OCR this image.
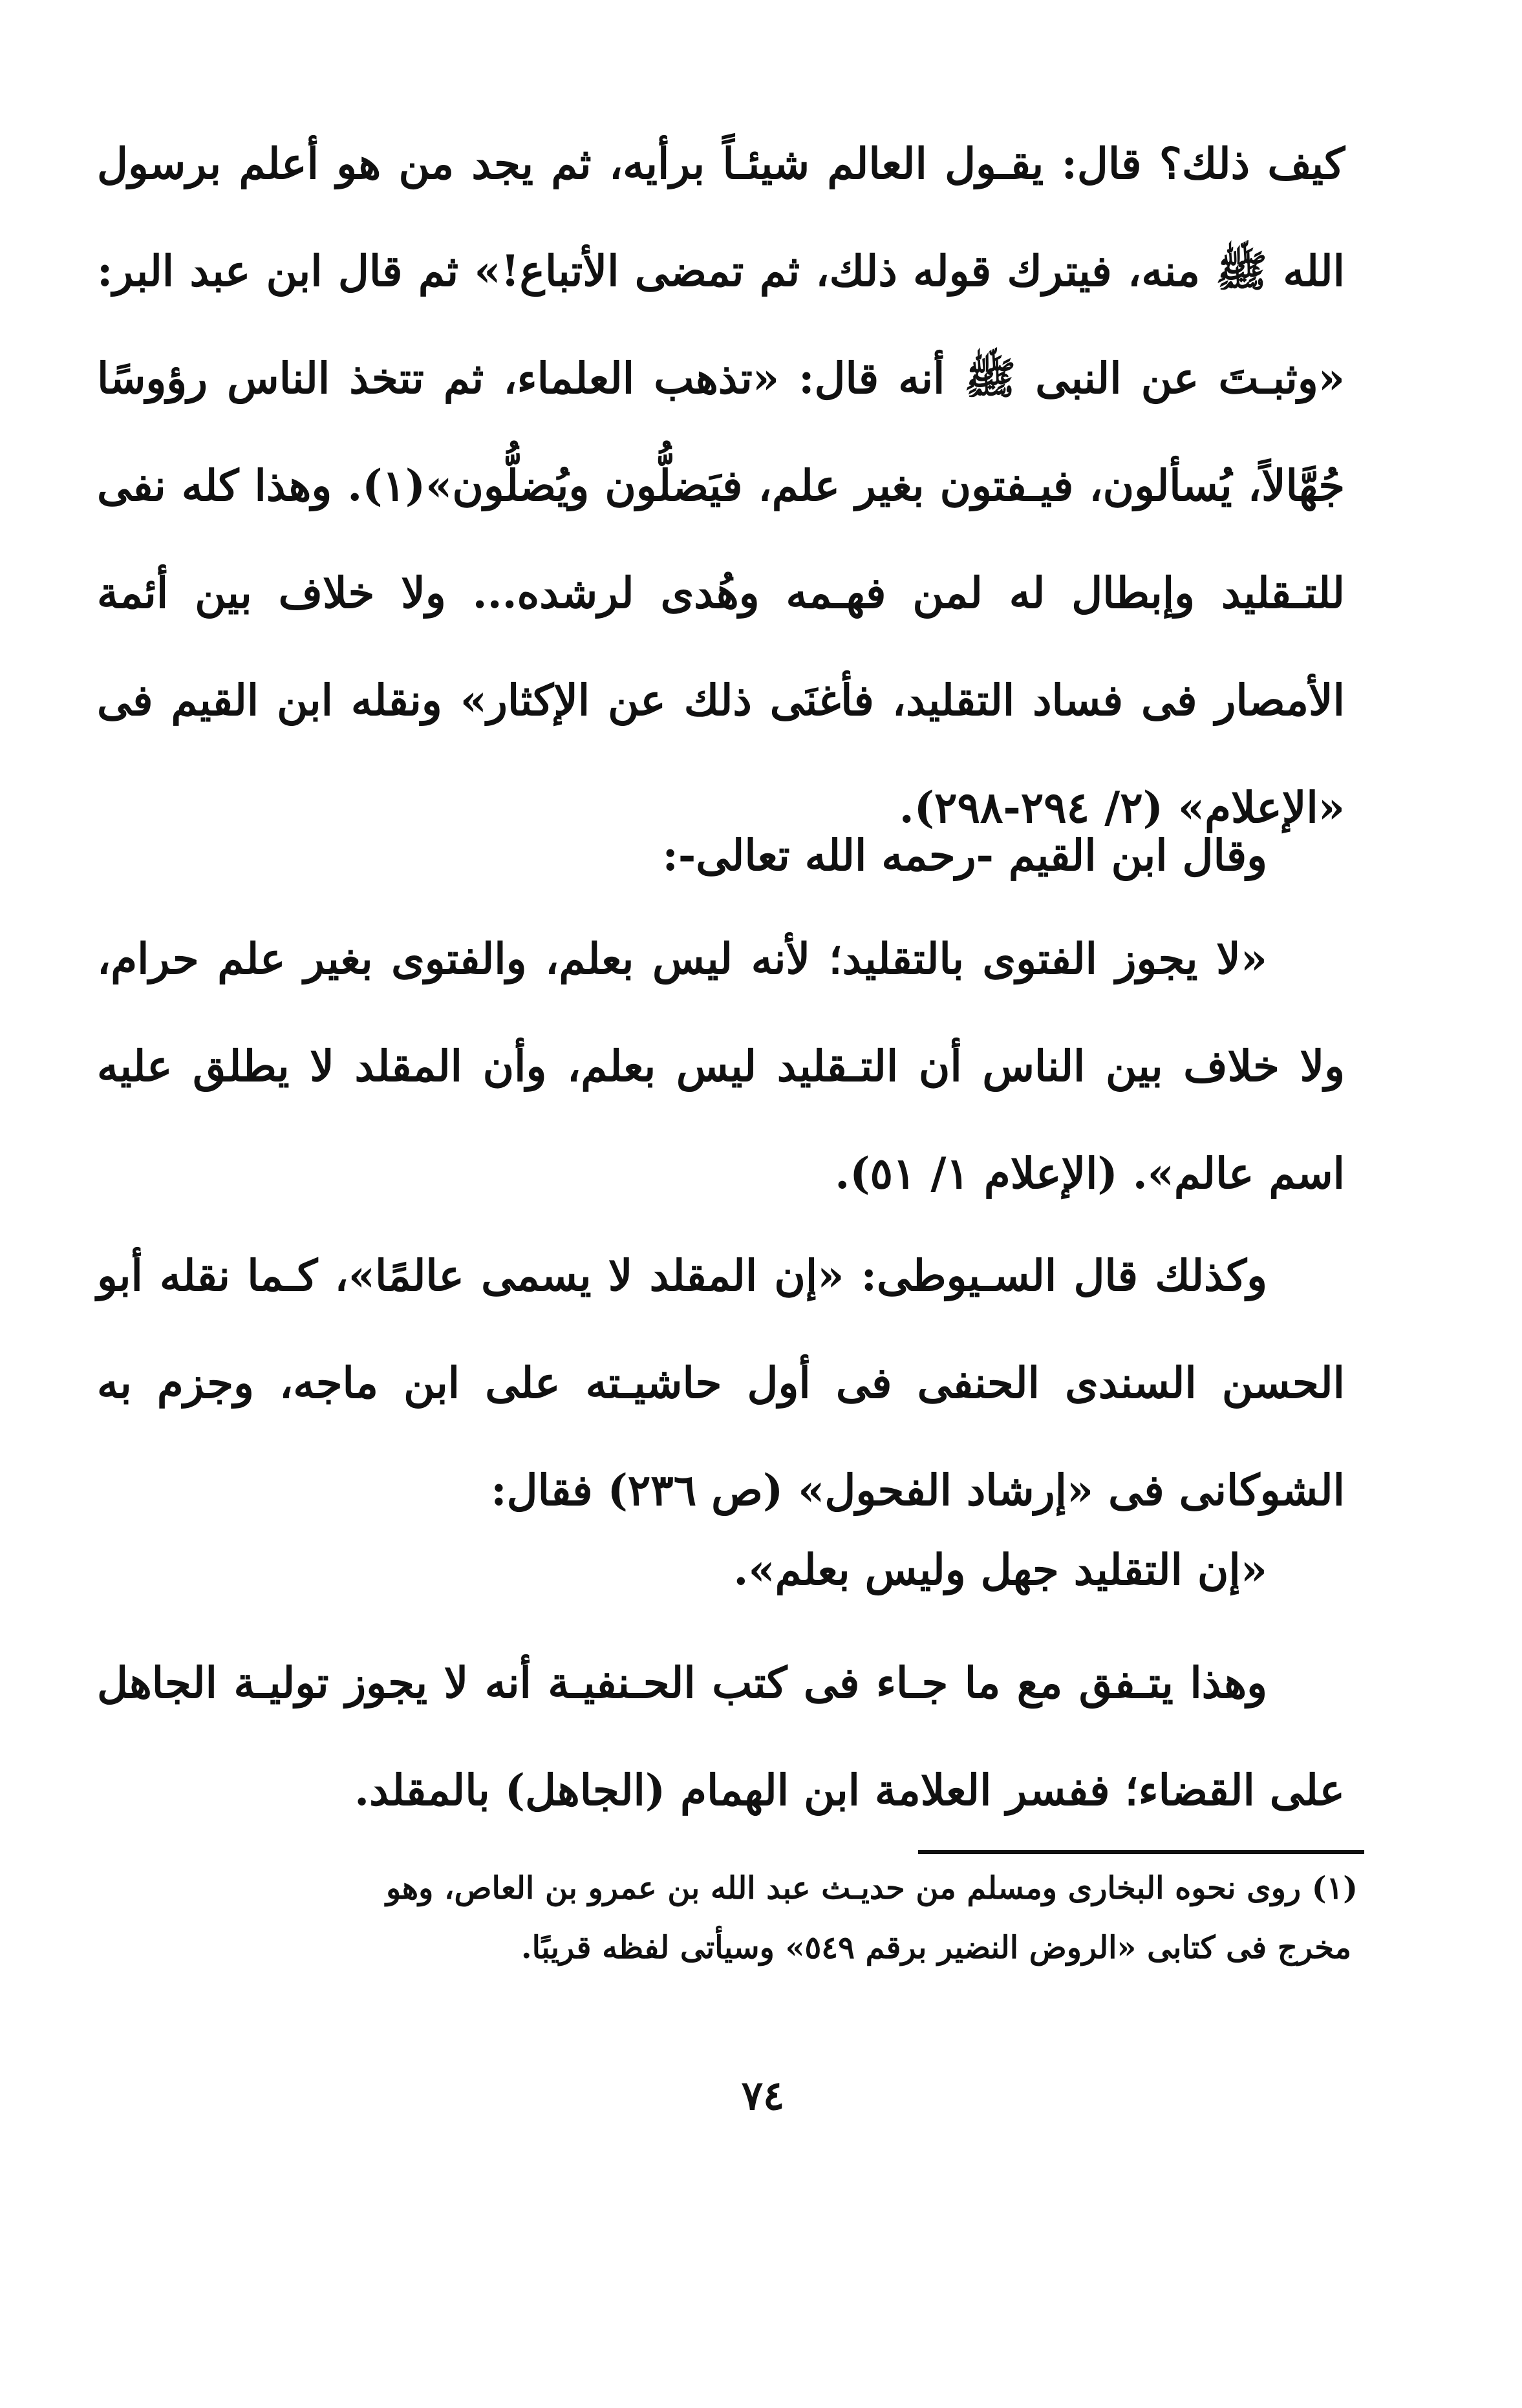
كيف ذلك؟ قال: يقـول العالم شيئـاً برأيه، ثم يجد من هو أعلم برسول الله ﷺ منه، فيترك قوله ذلك، ثم تمضى الأتباع!» ثم قال ابن عبد البر: «وثبـتَ عن النبى ﷺ أنه قال: «تذهب العلماء، ثم تتخذ الناس رؤوسًا جُهَّالاً، يُسألون، فيـفتون بغير علم، فيَضلُّون ويُضلُّون»(١). وهذا كله نفى للتـقليد وإبطال له لمن فهـمه وهُدى لرشده... ولا خلاف بين أئمة الأمصار فى فساد التقليد، فأغنَى ذلك عن الإكثار» ونقله ابن القيم فى «الإعلام» (٢/ ٢٩٤-٢٩٨).

وقال ابن القيم -رحمه الله تعالى-:

«لا يجوز الفتوى بالتقليد؛ لأنه ليس بعلم، والفتوى بغير علم حرام، ولا خلاف بين الناس أن التـقليد ليس بعلم، وأن المقلد لا يطلق عليه اسم عالم». (الإعلام ١/ ٥١).

وكذلك قال السـيوطى: «إن المقلد لا يسمى عالمًا»، كـما نقله أبو الحسن السندى الحنفى فى أول حاشيـته على ابن ماجه، وجزم به الشوكانى فى «إرشاد الفحول» (ص ٢٣٦) فقال:

«إن التقليد جهل وليس بعلم».

وهذا يتـفق مع ما جـاء فى كتب الحـنفيـة أنه لا يجوز توليـة الجاهل على القضاء؛ ففسر العلامة ابن الهمام (الجاهل) بالمقلد.

(١) روى نحوه البخارى ومسلم من حديـث عبد الله بن عمرو بن العاص، وهو

مخرج فى كتابى «الروض النضير برقم ٥٤٩» وسيأتى لفظه قريبًا.

٧٤
